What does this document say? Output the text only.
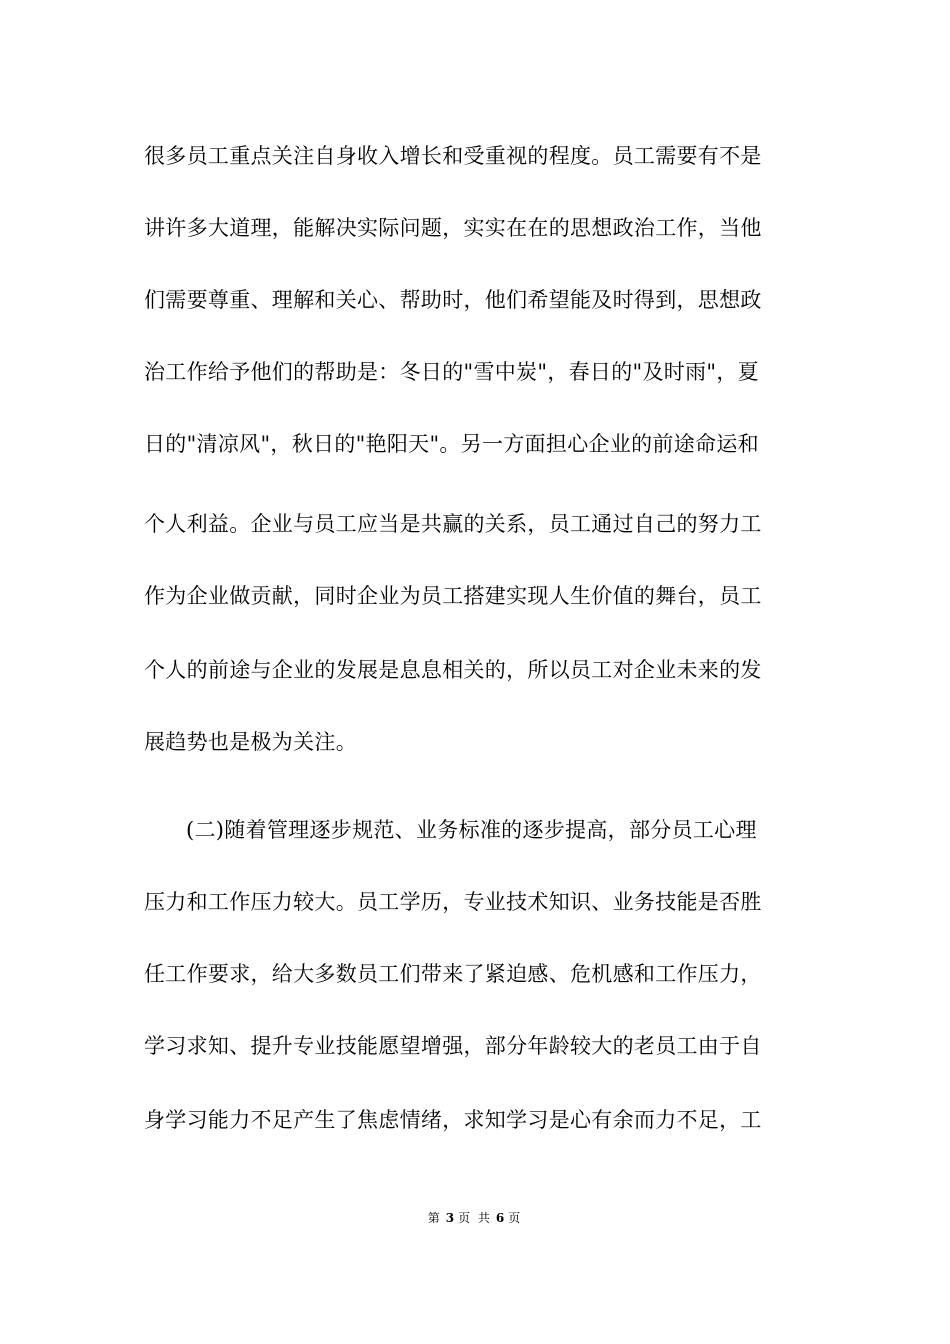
很多员工重点关注自身收入增长和受重视的程度。员工需要有不是
讲许多大道理，能解决实际问题，实实在在的思想政治工作，当他
们需要尊重、理解和关心、帮助时，他们希望能及时得到，思想政
治工作给予他们的帮助是：冬日的"雪中炭"，春日的"及时雨"，夏
日的"清凉风"，秋日的"艳阳天"。另一方面担心企业的前途命运和
个人利益。企业与员工应当是共赢的关系，员工通过自己的努力工
作为企业做贡献，同时企业为员工搭建实现人生价值的舞台，员工
个人的前途与企业的发展是息息相关的，所以员工对企业未来的发
展趋势也是极为关注。
(二)随着管理逐步规范、业务标准的逐步提高，部分员工心理
压力和工作压力较大。员工学历，专业技术知识、业务技能是否胜
任工作要求，给大多数员工们带来了紧迫感、危机感和工作压力，
学习求知、提升专业技能愿望增强，部分年龄较大的老员工由于自
身学习能力不足产生了焦虑情绪，求知学习是心有余而力不足，工
第 3 页 共 6 页
